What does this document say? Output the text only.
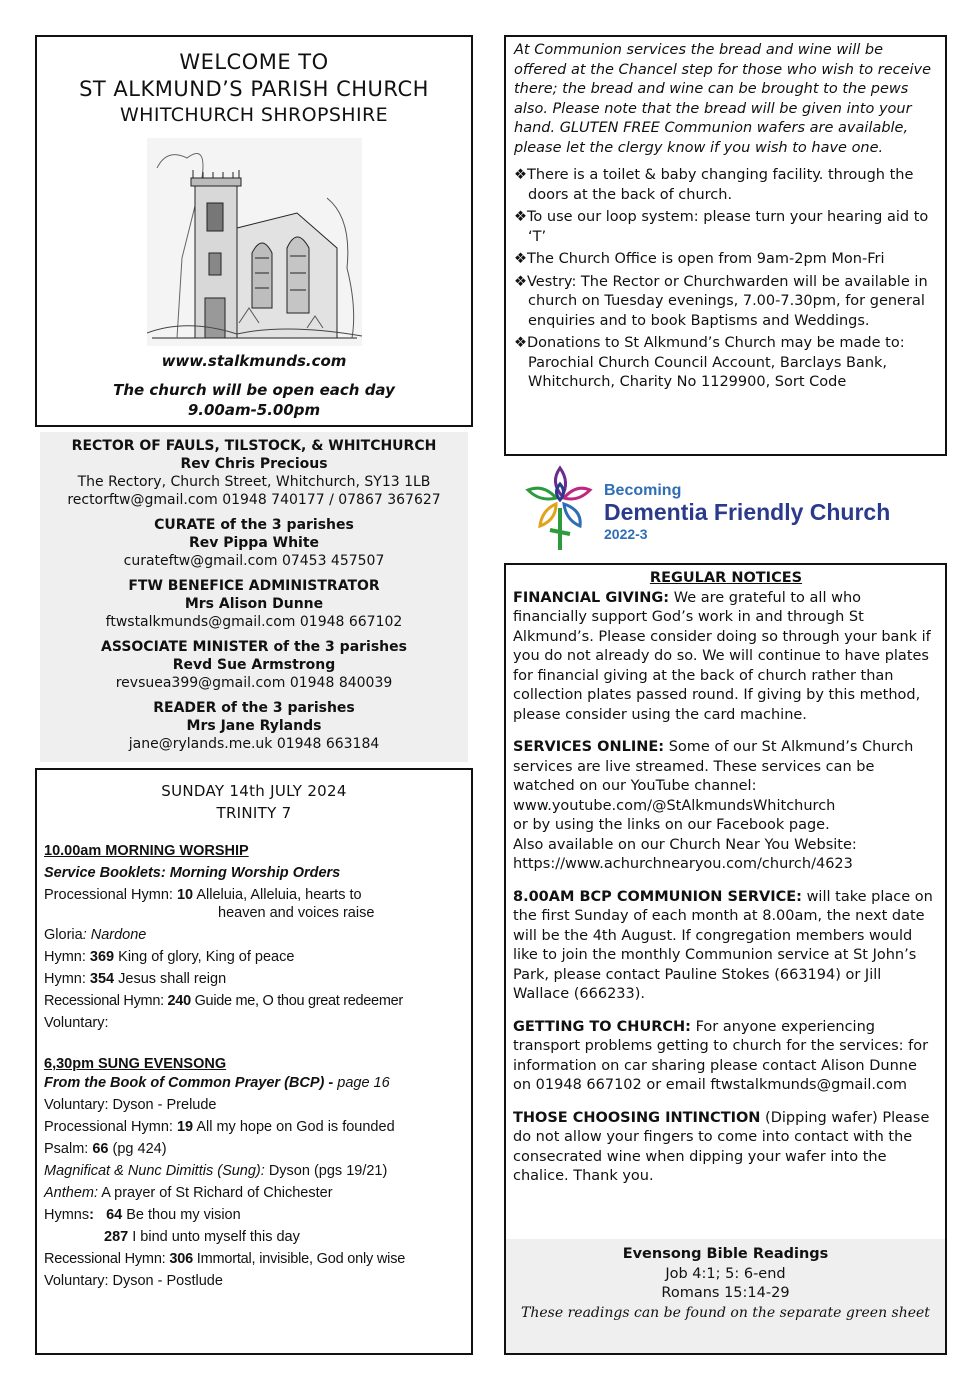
WELCOME TO
ST ALKMUND’S PARISH CHURCH
WHITCHURCH SHROPSHIRE
www.stalkmunds.com
The church will be open each day
9.00am-5.00pm
RECTOR OF FAULS, TILSTOCK, & WHITCHURCH
Rev Chris Precious
The Rectory, Church Street, Whitchurch, SY13 1LB
rectorftw@gmail.com 01948 740177 / 07867 367627
CURATE of the 3 parishes
Rev Pippa White
curateftw@gmail.com 07453 457507
FTW BENEFICE ADMINISTRATOR
Mrs Alison Dunne
ftwstalkmunds@gmail.com 01948 667102
ASSOCIATE MINISTER of the 3 parishes
Revd Sue Armstrong
revsuea399@gmail.com 01948 840039
READER of the 3 parishes
Mrs Jane Rylands
jane@rylands.me.uk 01948 663184
SUNDAY 14th JULY 2024
TRINITY 7
10.00am MORNING WORSHIP
Service Booklets: Morning Worship Orders
Processional Hymn: 10 Alleluia, Alleluia, hearts to
heaven and voices raise
Gloria: Nardone
Hymn: 369 King of glory, King of peace
Hymn: 354 Jesus shall reign
Recessional Hymn: 240 Guide me, O thou great redeemer
Voluntary:
6,30pm SUNG EVENSONG
From the Book of Common Prayer (BCP) - page 16
Voluntary: Dyson - Prelude
Processional Hymn: 19 All my hope on God is founded
Psalm: 66 (pg 424)
Magnificat & Nunc Dimittis (Sung): Dyson (pgs 19/21)
Anthem: A prayer of St Richard of Chichester
Hymns: 64 Be thou my vision
287 I bind unto myself this day
Recessional Hymn: 306 Immortal, invisible, God only wise
Voluntary: Dyson - Postlude
At Communion services the bread and wine will be offered at the Chancel step for those who wish to receive there; the bread and wine can be brought to the pews also. Please note that the bread will be given into your hand. GLUTEN FREE Communion wafers are available, please let the clergy know if you wish to have one.
❖There is a toilet & baby changing facility. through the doors at the back of church.
❖To use our loop system: please turn your hearing aid to ‘T’
❖The Church Office is open from 9am-2pm Mon-Fri
❖Vestry: The Rector or Churchwarden will be available in church on Tuesday evenings, 7.00-7.30pm, for general enquiries and to book Baptisms and Weddings.
❖Donations to St Alkmund’s Church may be made to: Parochial Church Council Account, Barclays Bank, Whitchurch, Charity No 1129900, Sort Code
Becoming
Dementia Friendly Church
2022-3
REGULAR NOTICES

FINANCIAL GIVING: We are grateful to all who financially support God’s work in and through St Alkmund’s. Please consider doing so through your bank if you do not already do so. We will continue to have plates for financial giving at the back of church rather than collection plates passed round. If giving by this method, please consider using the card machine.

SERVICES ONLINE: Some of our St Alkmund’s Church services are live streamed. These services can be watched on our YouTube channel:
www.youtube.com/@StAlkmundsWhitchurch
or by using the links on our Facebook page.
Also available on our Church Near You Website:
https://www.achurchnearyou.com/church/4623

8.00AM BCP COMMUNION SERVICE: will take place on the first Sunday of each month at 8.00am, the next date will be the 4th August. If congregation members would like to join the monthly Communion service at St John’s Park, please contact Pauline Stokes (663194) or Jill Wallace (666233).

GETTING TO CHURCH: For anyone experiencing transport problems getting to church for the services: for information on car sharing please contact Alison Dunne on 01948 667102 or email ftwstalkmunds@gmail.com

THOSE CHOOSING INTINCTION (Dipping wafer) Please do not allow your fingers to come into contact with the consecrated wine when dipping your wafer into the chalice. Thank you.

Evensong Bible Readings
Job 4:1; 5: 6-end
Romans 15:14-29
These readings can be found on the separate green sheet
